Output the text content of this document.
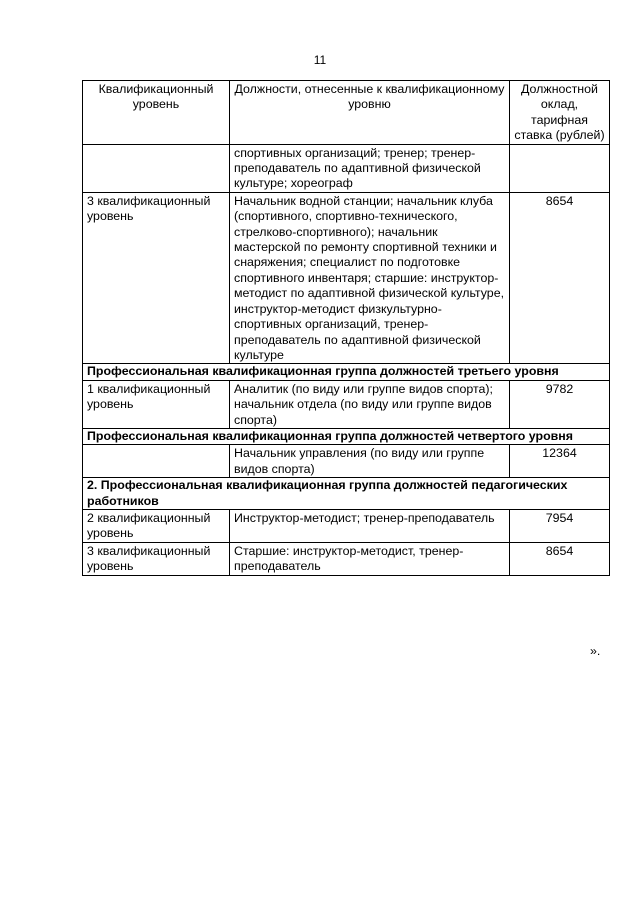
11
Квалификационный уровень	Должности, отнесенные к квалификационному уровню	Должностной оклад, тарифная ставка (рублей)
	спортивных организаций; тренер; тренер-преподаватель по адаптивной физической культуре; хореограф	
3 квалификационный уровень	Начальник водной станции; начальник клуба (спортивного, спортивно-технического, стрелково-спортивного); начальник мастерской по ремонту спортивной техники и снаряжения; специалист по подготовке спортивного инвентаря; старшие: инструктор-методист по адаптивной физической культуре, инструктор-методист физкультурно-спортивных организаций, тренер-преподаватель по адаптивной физической культуре	8654
Профессиональная квалификационная группа должностей третьего уровня		
1 квалификационный уровень	Аналитик (по виду или группе видов спорта); начальник отдела (по виду или группе видов спорта)	9782
Профессиональная квалификационная группа должностей четвертого уровня		
	Начальник управления (по виду или группе видов спорта)	12364
2. Профессиональная квалификационная группа должностей педагогических работников		
2 квалификационный уровень	Инструктор-методист; тренер-преподаватель	7954
3 квалификационный уровень	Старшие: инструктор-методист, тренер-преподаватель	8654
».
